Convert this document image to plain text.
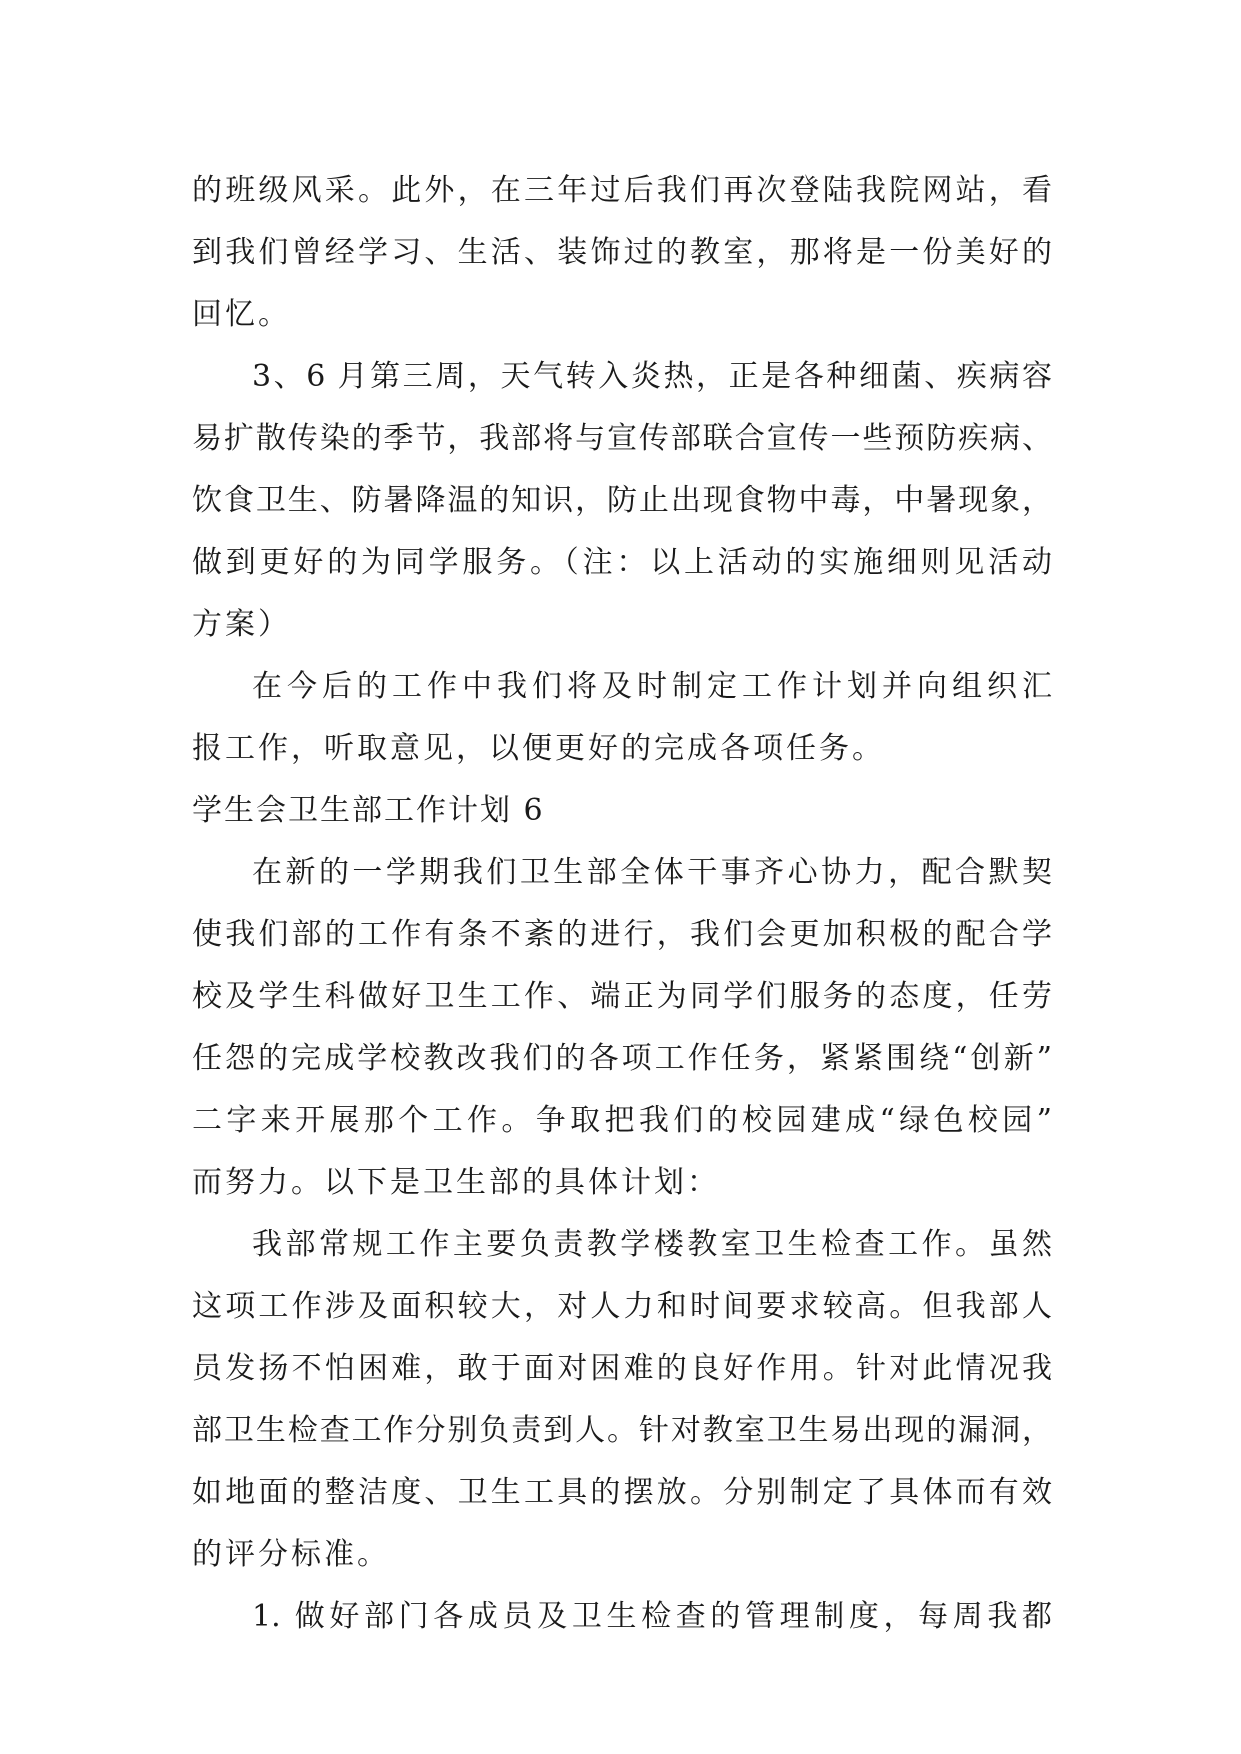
的班级风采。此外，在三年过后我们再次登陆我院网站，看
到我们曾经学习、生活、装饰过的教室，那将是一份美好的
回忆。
3、6 月第三周，天气转入炎热，正是各种细菌、疾病容
易扩散传染的季节，我部将与宣传部联合宣传一些预防疾病、
饮食卫生、防暑降温的知识，防止出现食物中毒，中暑现象，
做到更好的为同学服务。（注：以上活动的实施细则见活动
方案）
在今后的工作中我们将及时制定工作计划并向组织汇
报工作，听取意见，以便更好的完成各项任务。
学生会卫生部工作计划 6
在新的一学期我们卫生部全体干事齐心协力，配合默契
使我们部的工作有条不紊的进行，我们会更加积极的配合学
校及学生科做好卫生工作、端正为同学们服务的态度，任劳
任怨的完成学校教改我们的各项工作任务，紧紧围绕“创新”
二字来开展那个工作。争取把我们的校园建成“绿色校园”
而努力。以下是卫生部的具体计划：
我部常规工作主要负责教学楼教室卫生检查工作。虽然
这项工作涉及面积较大，对人力和时间要求较高。但我部人
员发扬不怕困难，敢于面对困难的良好作用。针对此情况我
部卫生检查工作分别负责到人。针对教室卫生易出现的漏洞，
如地面的整洁度、卫生工具的摆放。分别制定了具体而有效
的评分标准。
1. 做好部门各成员及卫生检查的管理制度，每周我都
